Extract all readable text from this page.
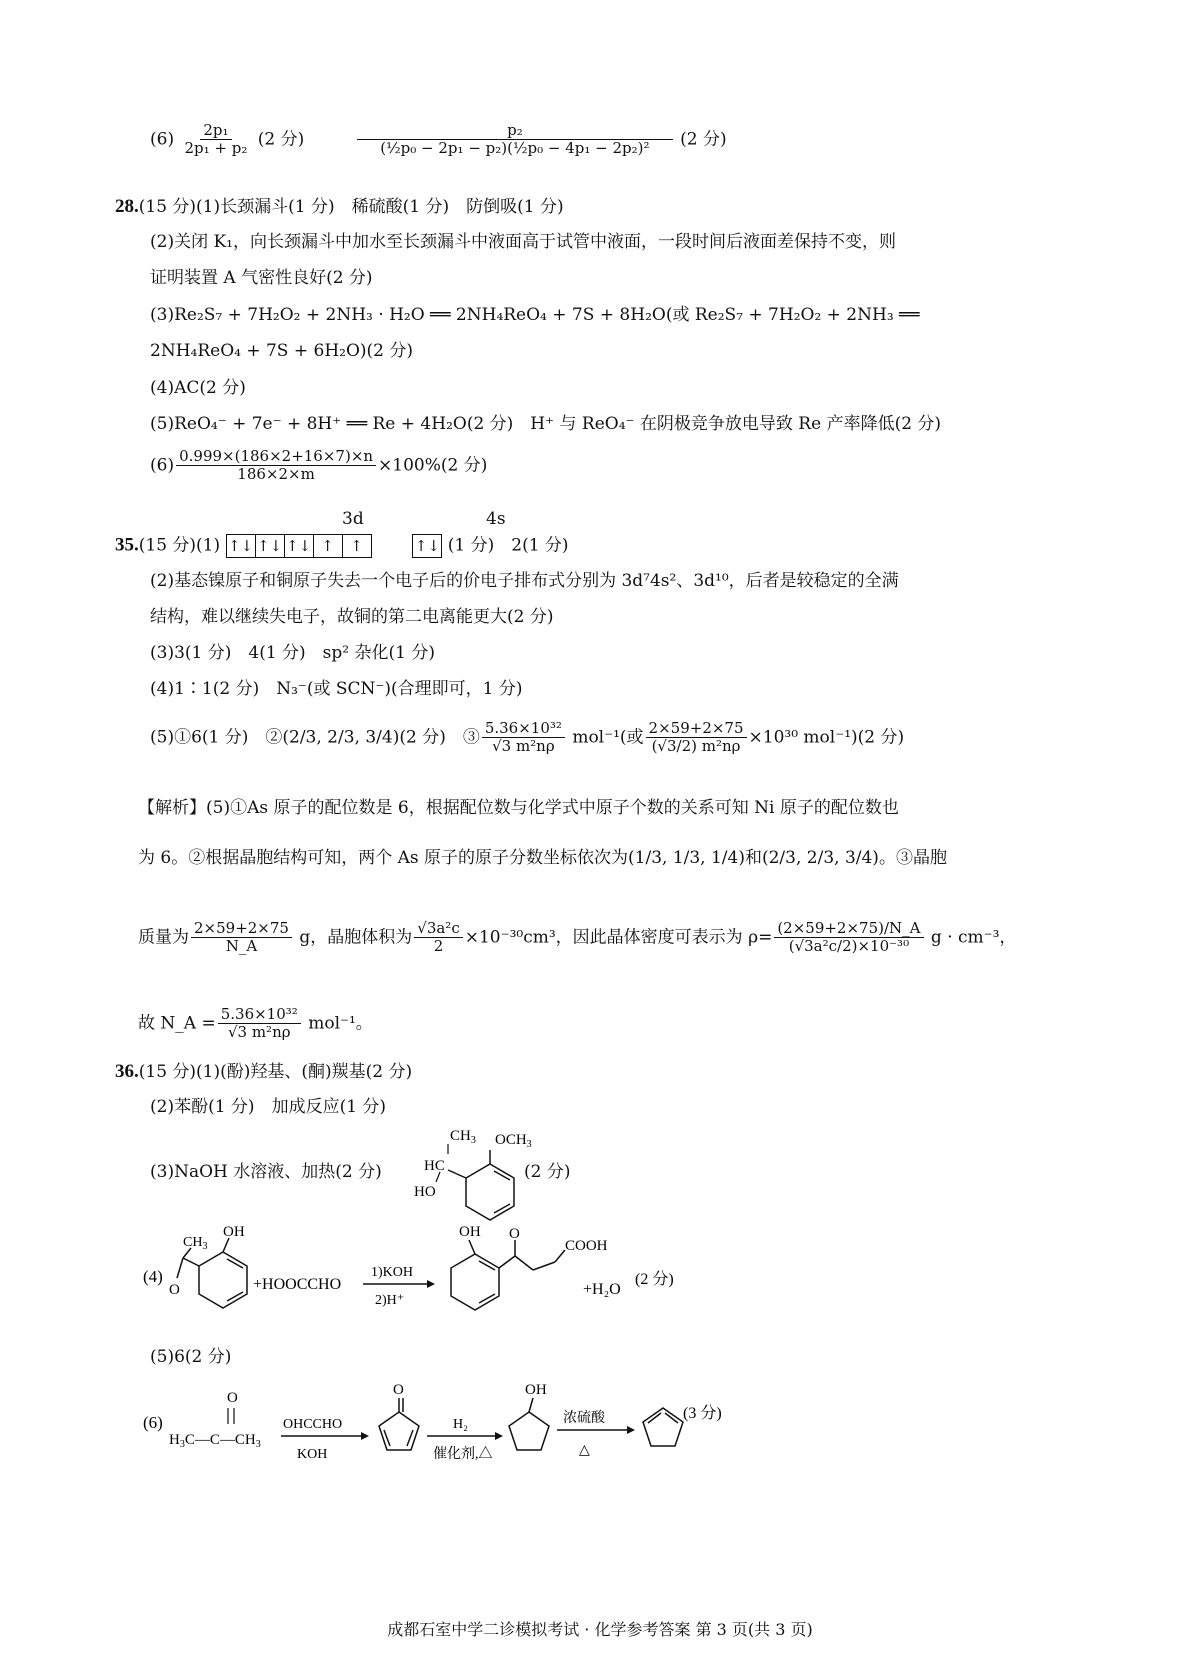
$(6) \frac{\text{2p₁}}{\text{2p₁ + p₂}} (2$ 分)	$\frac{\text{p₂}}{\text{(½p₀ − 2p₁ − p₂)(½p₀ − 4p₁ − 2p₂)²}} (2$ 分)
28.(15 分)(1)长颈漏斗(1 分)　稀硫酸(1 分)　防倒吸(1 分)
(2)关闭 K₁，向长颈漏斗中加水至长颈漏斗中液面高于试管中液面，一段时间后液面差保持不变，则
证明装置 A 气密性良好(2 分)
(3)Re₂S₇ + 7H₂O₂ + 2NH₃ · H₂O ══ 2NH₄ReO₄ + 7S + 8H₂O(或 Re₂S₇ + 7H₂O₂ + 2NH₃ ══
2NH₄ReO₄ + 7S + 6H₂O)(2 分)
(4)AC(2 分)
(5)ReO₄⁻ + 7e⁻ + 8H⁺ ══ Re + 4H₂O(2 分)　H⁺ 与 ReO₄⁻ 在阴极竞争放电导致 Re 产率降低(2 分)
$(6) \frac{0.999\times(186\times 2+16\times 7)\times n}{186\times 2\times m} \times 100\%(2$ 分)
3d	4s
35.(15 分)(1) ↑↓ ↑↓ ↑↓ ↑ ↑	↑↓ (1 分)　2(1 分)
(2)基态镍原子和铜原子失去一个电子后的价电子排布式分别为 3d⁷4s²、3d¹⁰，后者是较稳定的全满
结构，难以继续失电子，故铜的第二电离能更大(2 分)
(3)3(1 分)　4(1 分)　sp² 杂化(1 分)
(4)1∶1(2 分)　N₃⁻(或 SCN⁻)(合理即可，1 分)
(5)①6(1 分)　②(2/3, 2/3, 3/4)(2 分)　③ $\frac{\text{5.36×10³²}}{\text{√3 m²nρ}} mol^{-1}$(或 $\frac{2\times 59+2\times 75}{\text{(√3/2) m²nρ}} \times 10^{30}$ mol⁻¹)(2 分)
【解析】(5)①As 原子的配位数是 6，根据配位数与化学式中原子个数的关系可知 Ni 原子的配位数也
为 6。②根据晶胞结构可知，两个 As 原子的原子分数坐标依次为(1/3, 1/3, 1/4)和(2/3, 2/3, 3/4)。③晶胞
质量为 $\frac{2\times 59+2\times 75}{N\_A}$ g，晶胞体积为 $\frac{\text{√3a²c}}{2} \times 10^{-30}cm^3$，因此晶体密度可表示为 $\rho= \frac{(2\times 59+2\times 75)/N\_A}{\text{(√3a²c/2)×10⁻³⁰}}$ g · cm⁻³，
故 N_A = $\frac{\text{5.36×10³²}}{\text{√3 m²nρ}} mol^{-1}$。
36.(15 分)(1)(酚)羟基、(酮)羰基(2 分)
(2)苯酚(1 分)　加成反应(1 分)
(3)NaOH 水溶液、加热(2 分)
$OCH_3$
$CH_3$
HC
HO
(2 分)
(4)
OH
$CH_3$
O	+HOOCCHO
1)KOH
2)H⁺
OH O
COOH
+H₂O
(2 分)
(5)6(2 分)
(6)
O
$H_3C—C—CH_3$
OHCCHO
KOH
O
H₂
催化剂,△
OH
浓硫酸
△
(3 分)
成都石室中学二诊模拟考试 · 化学参考答案 第 3 页(共 3 页)
